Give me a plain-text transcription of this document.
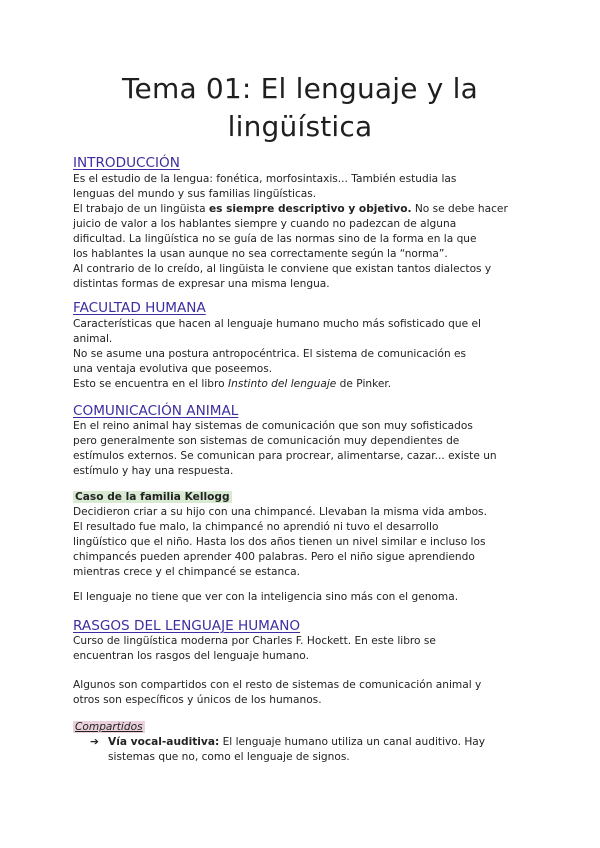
Tema 01: El lenguaje y la
lingüística
INTRODUCCIÓN

Es el estudio de la lengua: fonética, morfosintaxis... También estudia las
lenguas del mundo y sus familias lingüísticas.
El trabajo de un lingüista es siempre descriptivo y objetivo. No se debe hacer
juicio de valor a los hablantes siempre y cuando no padezcan de alguna
dificultad. La lingüística no se guía de las normas sino de la forma en la que
los hablantes la usan aunque no sea correctamente según la “norma”.
Al contrario de lo creído, al lingüista le conviene que existan tantos dialectos y
distintas formas de expresar una misma lengua.

FACULTAD HUMANA

Características que hacen al lenguaje humano mucho más sofisticado que el
animal.
No se asume una postura antropocéntrica. El sistema de comunicación es
una ventaja evolutiva que poseemos.
Esto se encuentra en el libro Instinto del lenguaje de Pinker.

COMUNICACIÓN ANIMAL

En el reino animal hay sistemas de comunicación que son muy sofisticados
pero generalmente son sistemas de comunicación muy dependientes de
estímulos externos. Se comunican para procrear, alimentarse, cazar... existe un
estímulo y hay una respuesta.

Caso de la familia Kellogg

Decidieron criar a su hijo con una chimpancé. Llevaban la misma vida ambos.
El resultado fue malo, la chimpancé no aprendió ni tuvo el desarrollo
lingüístico que el niño. Hasta los dos años tienen un nivel similar e incluso los
chimpancés pueden aprender 400 palabras. Pero el niño sigue aprendiendo
mientras crece y el chimpancé se estanca.

El lenguaje no tiene que ver con la inteligencia sino más con el genoma.

RASGOS DEL LENGUAJE HUMANO

Curso de lingüística moderna por Charles F. Hockett. En este libro se
encuentran los rasgos del lenguaje humano.

Algunos son compartidos con el resto de sistemas de comunicación animal y
otros son específicos y únicos de los humanos.

Compartidos

➔ Vía vocal-auditiva: El lenguaje humano utiliza un canal auditivo. Hay
sistemas que no, como el lenguaje de signos.
